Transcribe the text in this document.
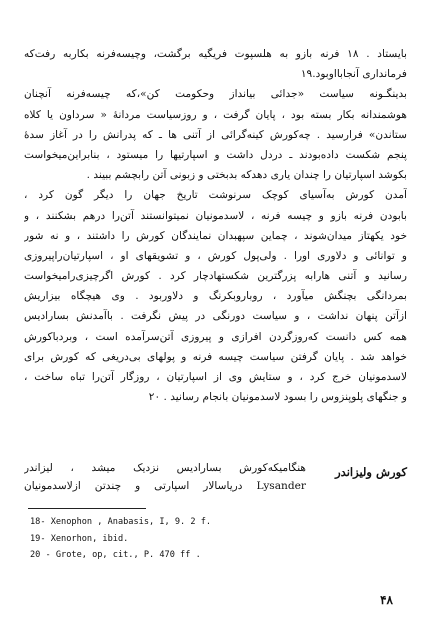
بایستاد . ۱۸ فرنه بازو به هلسپوت فریگیه برگشت، وچیسه‌فرنه بکاربه رفت‌که
فرمانداری آنجابااوبود.۱۹
بدینگـونه سیاست «جدائی بیانداز وحکومت کن»،که چیسه‌فرنه آنچنان
هوشمندانه بکار بسته بود ، پایان گرفت ، و روزسیاست مردانهٔ « سرداون یا کلاه
ستاندن» فرارسید . چه‌کورش کینه‌گرائی از آتنی ها ـ که پدرانش را در آغاز سدهٔ
پنجم شکست داده‌بودند ـ دردل داشت و اسپارتیها را میستود ، بنابراین‌میخواست
بکوشد اسپارتیان را چندان یاری دهدکه بدبختی و زبونی آتن رابچشم ببیند .
آمدن کورش به‌آسیای کوچک سرنوشت تاریخ جهان را دیگر گون کرد ،
بابودن فرنه بازو و چیسه فرنه ، لاسدمونیان نمیتوانستند آتن‌را درهم بشکنند ، و
خود یکهتاز میدان‌شوند ، چماین سپهبدان نمایندگان کورش را داشتند ، و نه شور
و توانائی و دلاوری اورا . ولی‌پول کورش ، و تشویقهای او ، اسپارتیان‌راپیروزی
رسانید و آتنی هارابه پزرگترین شکستهادچار کرد . کورش اگرچیزی‌رامیخواست
بمردانگی بچنگش میآورد ، روباروبکرنگ و دلاوربود . وی هیچگاه بیزاریش
ازآتن پنهان نداشت ، و سیاست دورنگی در پیش نگرفت . باآمدنش بسارادیس
همه کس دانست که‌روزگردن افرازی و پیروزی آتن‌سرآمده است ، وبردباکورش
خواهد شد . پایان گرفتن سیاست چیسه فرنه و پولهای بی‌دریغی که کورش برای
لاسدمونیان خرج کرد ، و ستایش وی از اسپارتیان ، روزگار آتن‌را تباه ساخت ،
و جنگهای پلوپنزوس را بسود لاسدمونیان بانجام رسانید . ۲۰
کورش ولیزاندر
هنگامیکه‌کورش بسارادیس نزدیک میشد ، لیزاندر
Lysander دریاسالار اسپارتی و چندتن ازلاسدمونیان
18- Xenophon , Anabasis, I, 9. 2 f.
19- Xenorhon, ibid.
20 - Grote, op, cit., P. 470 ff .
۴۸
